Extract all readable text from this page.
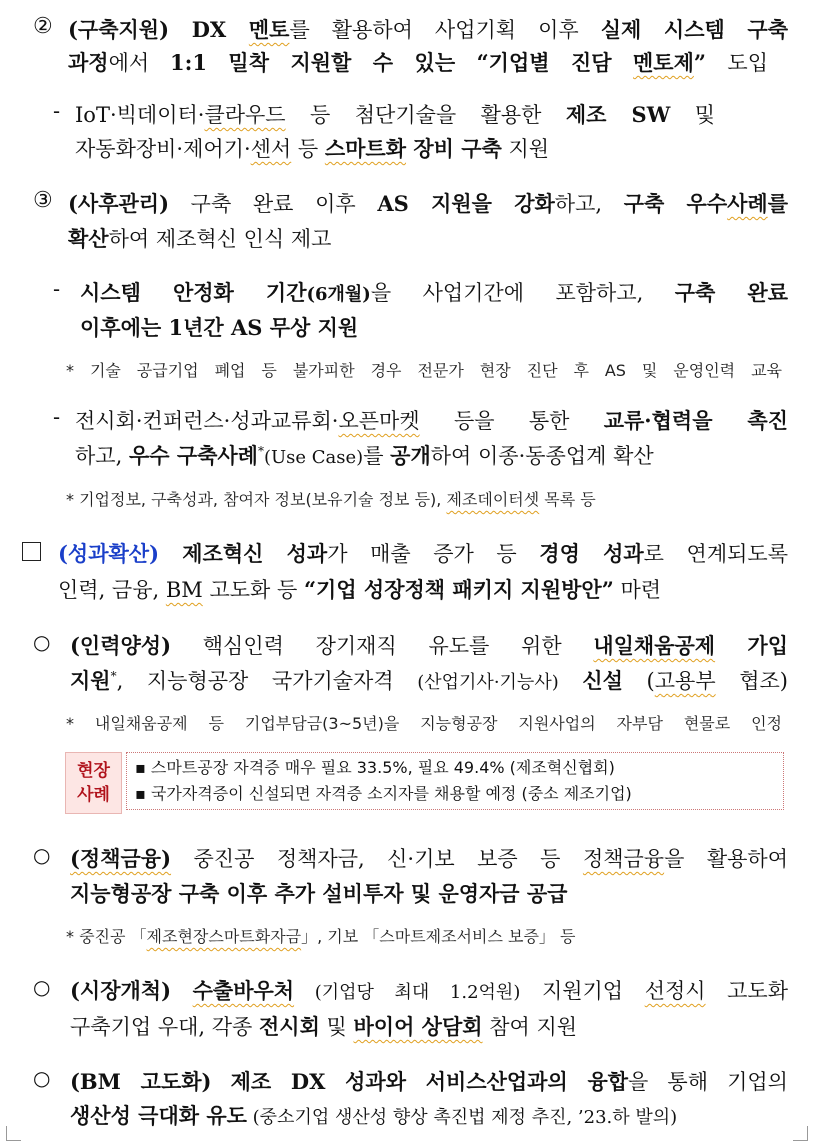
② (구축지원) DX 멘토를 활용하여 사업기획 이후 실제 시스템 구축
과정에서 1:1 밀착 지원할 수 있는 “기업별 진담 멘토제” 도입
- IoT·빅데이터·클라우드 등 첨단기술을 활용한 제조 SW 및
자동화장비·제어기·센서 등 스마트화 장비 구축 지원
③ (사후관리) 구축 완료 이후 AS 지원을 강화하고, 구축 우수사례를
확산하여 제조혁신 인식 제고
- 시스템 안정화 기간(6개월)을 사업기간에 포함하고, 구축 완료
이후에는 1년간 AS 무상 지원
* 기술 공급기업 폐업 등 불가피한 경우 전문가 현장 진단 후 AS 및 운영인력 교육
- 전시회·컨퍼런스·성과교류회·오픈마켓 등을 통한 교류·협력을 촉진
하고, 우수 구축사례*(Use Case)를 공개하여 이종·동종업계 확산
* 기업정보, 구축성과, 참여자 정보(보유기술 정보 등), 제조데이터셋 목록 등
(성과확산) 제조혁신 성과가 매출 증가 등 경영 성과로 연계되도록
인력, 금융, BM 고도화 등 “기업 성장정책 패키지 지원방안” 마련
○ (인력양성) 핵심인력 장기재직 유도를 위한 내일채움공제 가입
지원*, 지능형공장 국가기술자격 (산업기사·기능사) 신설 (고용부 협조)
* 내일채움공제 등 기업부담금(3~5년)을 지능형공장 지원사업의 자부담 현물로 인정
현장
사례
▪ 스마트공장 자격증 매우 필요 33.5%, 필요 49.4% (제조혁신협회)
▪ 국가자격증이 신설되면 자격증 소지자를 채용할 예정 (중소 제조기업)
○ (정책금융) 중진공 정책자금, 신·기보 보증 등 정책금융을 활용하여
지능형공장 구축 이후 추가 설비투자 및 운영자금 공급
* 중진공 「제조현장스마트화자금」, 기보 「스마트제조서비스 보증」 등
○ (시장개척) 수출바우처 (기업당 최대 1.2억원) 지원기업 선정시 고도화
구축기업 우대, 각종 전시회 및 바이어 상담회 참여 지원
○ (BM 고도화) 제조 DX 성과와 서비스산업과의 융합을 통해 기업의
생산성 극대화 유도 (중소기업 생산성 향상 촉진법 제정 추진, ’23.하 발의)
